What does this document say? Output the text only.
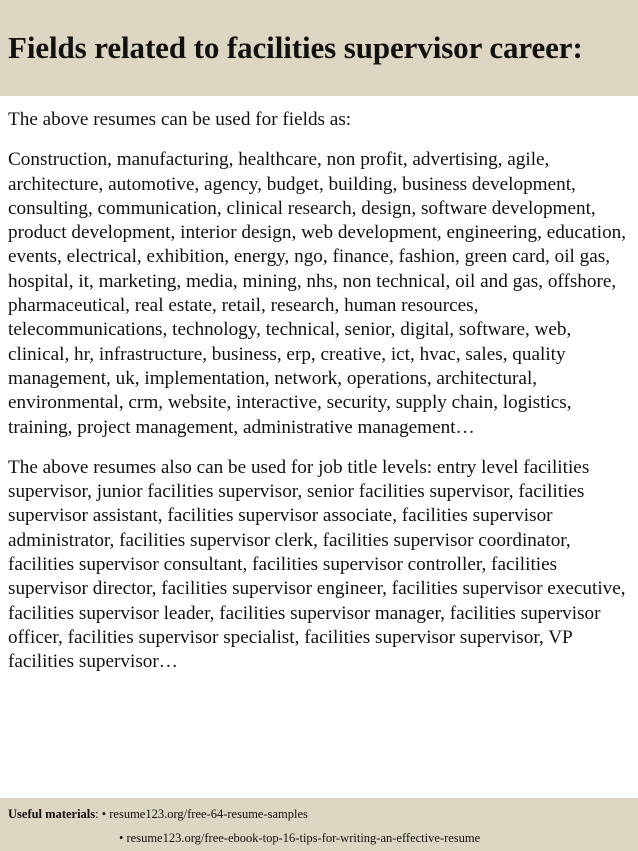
Fields related to facilities supervisor career:

The above resumes can be used for fields as:

Construction, manufacturing, healthcare, non profit, advertising, agile, architecture, automotive, agency, budget, building, business development, consulting, communication, clinical research, design, software development, product development, interior design, web development, engineering, education, events, electrical, exhibition, energy, ngo, finance, fashion, green card, oil gas, hospital, it, marketing, media, mining, nhs, non technical, oil and gas, offshore, pharmaceutical, real estate, retail, research, human resources, telecommunications, technology, technical, senior, digital, software, web, clinical, hr, infrastructure, business, erp, creative, ict, hvac, sales, quality management, uk, implementation, network, operations, architectural, environmental, crm, website, interactive, security, supply chain, logistics, training, project management, administrative management…

The above resumes also can be used for job title levels: entry level facilities supervisor, junior facilities supervisor, senior facilities supervisor, facilities supervisor assistant, facilities supervisor associate, facilities supervisor administrator, facilities supervisor clerk, facilities supervisor coordinator, facilities supervisor consultant, facilities supervisor controller, facilities supervisor director, facilities supervisor engineer, facilities supervisor executive, facilities supervisor leader, facilities supervisor manager, facilities supervisor officer, facilities supervisor specialist, facilities supervisor supervisor, VP facilities supervisor…

Useful materials: • resume123.org/free-64-resume-samples
• resume123.org/free-ebook-top-16-tips-for-writing-an-effective-resume
